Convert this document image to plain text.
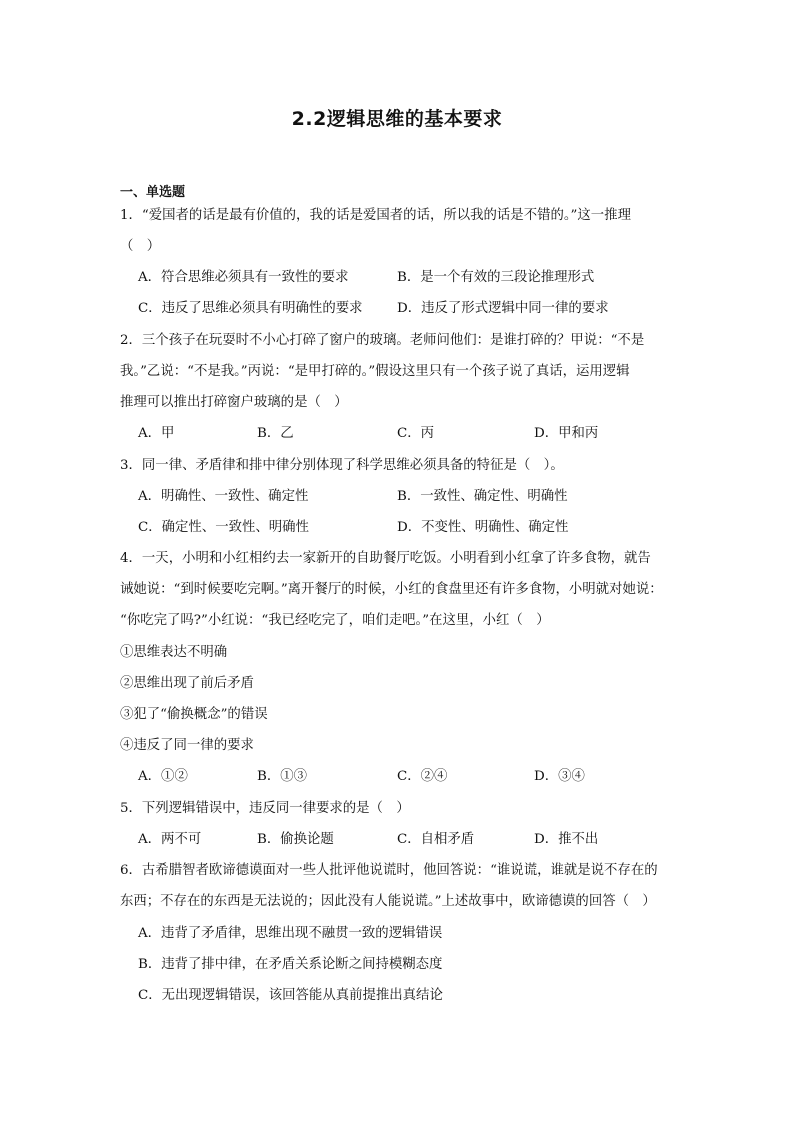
2.2逻辑思维的基本要求
一、单选题
1．“爱国者的话是最有价值的，我的话是爱国者的话，所以我的话是不错的。”这一推理
（　）
A．符合思维必须具有一致性的要求	B．是一个有效的三段论推理形式
C．违反了思维必须具有明确性的要求	D．违反了形式逻辑中同一律的要求
2．三个孩子在玩耍时不小心打碎了窗户的玻璃。老师问他们：是谁打碎的？甲说：“不是
我。”乙说：“不是我。”丙说：“是甲打碎的。”假设这里只有一个孩子说了真话，运用逻辑
推理可以推出打碎窗户玻璃的是（　）
A．甲	B．乙	C．丙	D．甲和丙
3．同一律、矛盾律和排中律分别体现了科学思维必须具备的特征是（　）。
A．明确性、一致性、确定性	B．一致性、确定性、明确性
C．确定性、一致性、明确性	D．不变性、明确性、确定性
4．一天，小明和小红相约去一家新开的自助餐厅吃饭。小明看到小红拿了许多食物，就告
诫她说：“到时候要吃完啊。”离开餐厅的时候，小红的食盘里还有许多食物，小明就对她说：
“你吃完了吗?”小红说：“我已经吃完了，咱们走吧。”在这里，小红（　）
①思维表达不明确
②思维出现了前后矛盾
③犯了“偷换概念”的错误
④违反了同一律的要求
A．①②	B．①③	C．②④	D．③④
5．下列逻辑错误中，违反同一律要求的是（　）
A．两不可	B．偷换论题	C．自相矛盾	D．推不出
6．古希腊智者欧谛德谟面对一些人批评他说谎时，他回答说：“谁说谎，谁就是说不存在的
东西；不存在的东西是无法说的；因此没有人能说谎。”上述故事中，欧谛德谟的回答（　）
A．违背了矛盾律，思维出现不融贯一致的逻辑错误
B．违背了排中律，在矛盾关系论断之间持模糊态度
C．无出现逻辑错误，该回答能从真前提推出真结论
